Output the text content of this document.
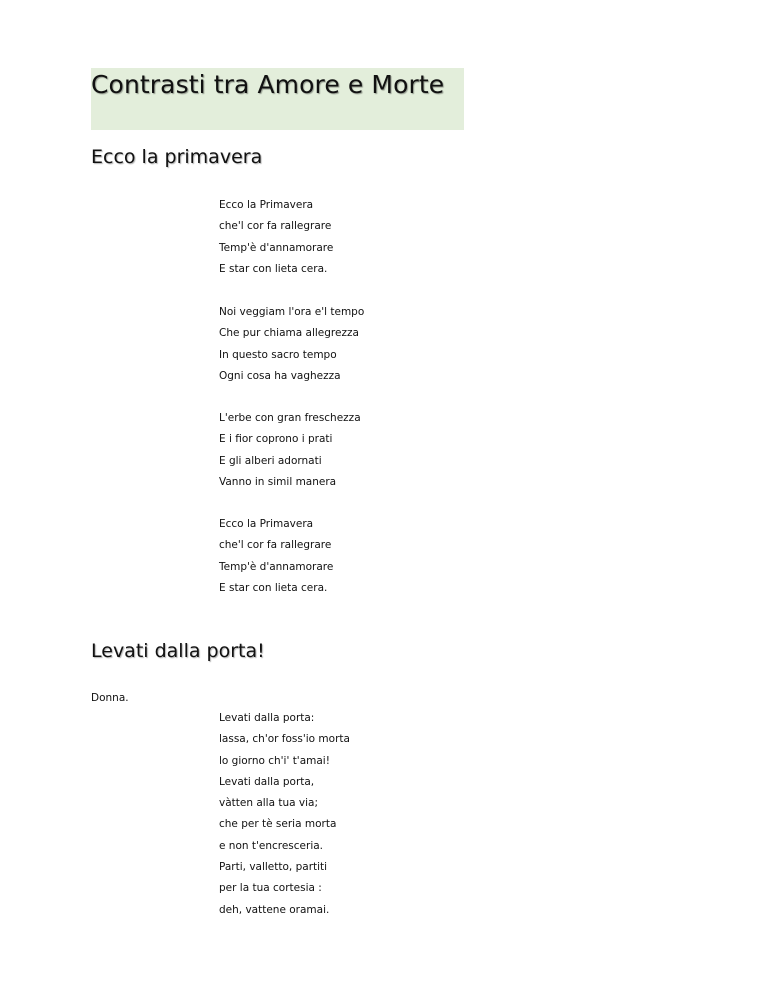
Contrasti tra Amore e Morte
Ecco la primavera
Ecco la Primavera
che'l cor fa rallegrare
Temp'è d'annamorare
E star con lieta cera.
Noi veggiam l'ora e'l tempo
Che pur chiama allegrezza
In questo sacro tempo
Ogni cosa ha vaghezza
L'erbe con gran freschezza
E i fior coprono i prati
E gli alberi adornati
Vanno in simil manera
Ecco la Primavera
che'l cor fa rallegrare
Temp'è d'annamorare
E star con lieta cera.
Levati dalla porta!
Donna.
Levati dalla porta:
lassa, ch'or foss'io morta
lo giorno ch'i' t'amai!
Levati dalla porta,
vàtten alla tua via;
che per tè seria morta
e non t'encresceria.
Parti, valletto, partiti
per la tua cortesia :
deh, vattene oramai.
